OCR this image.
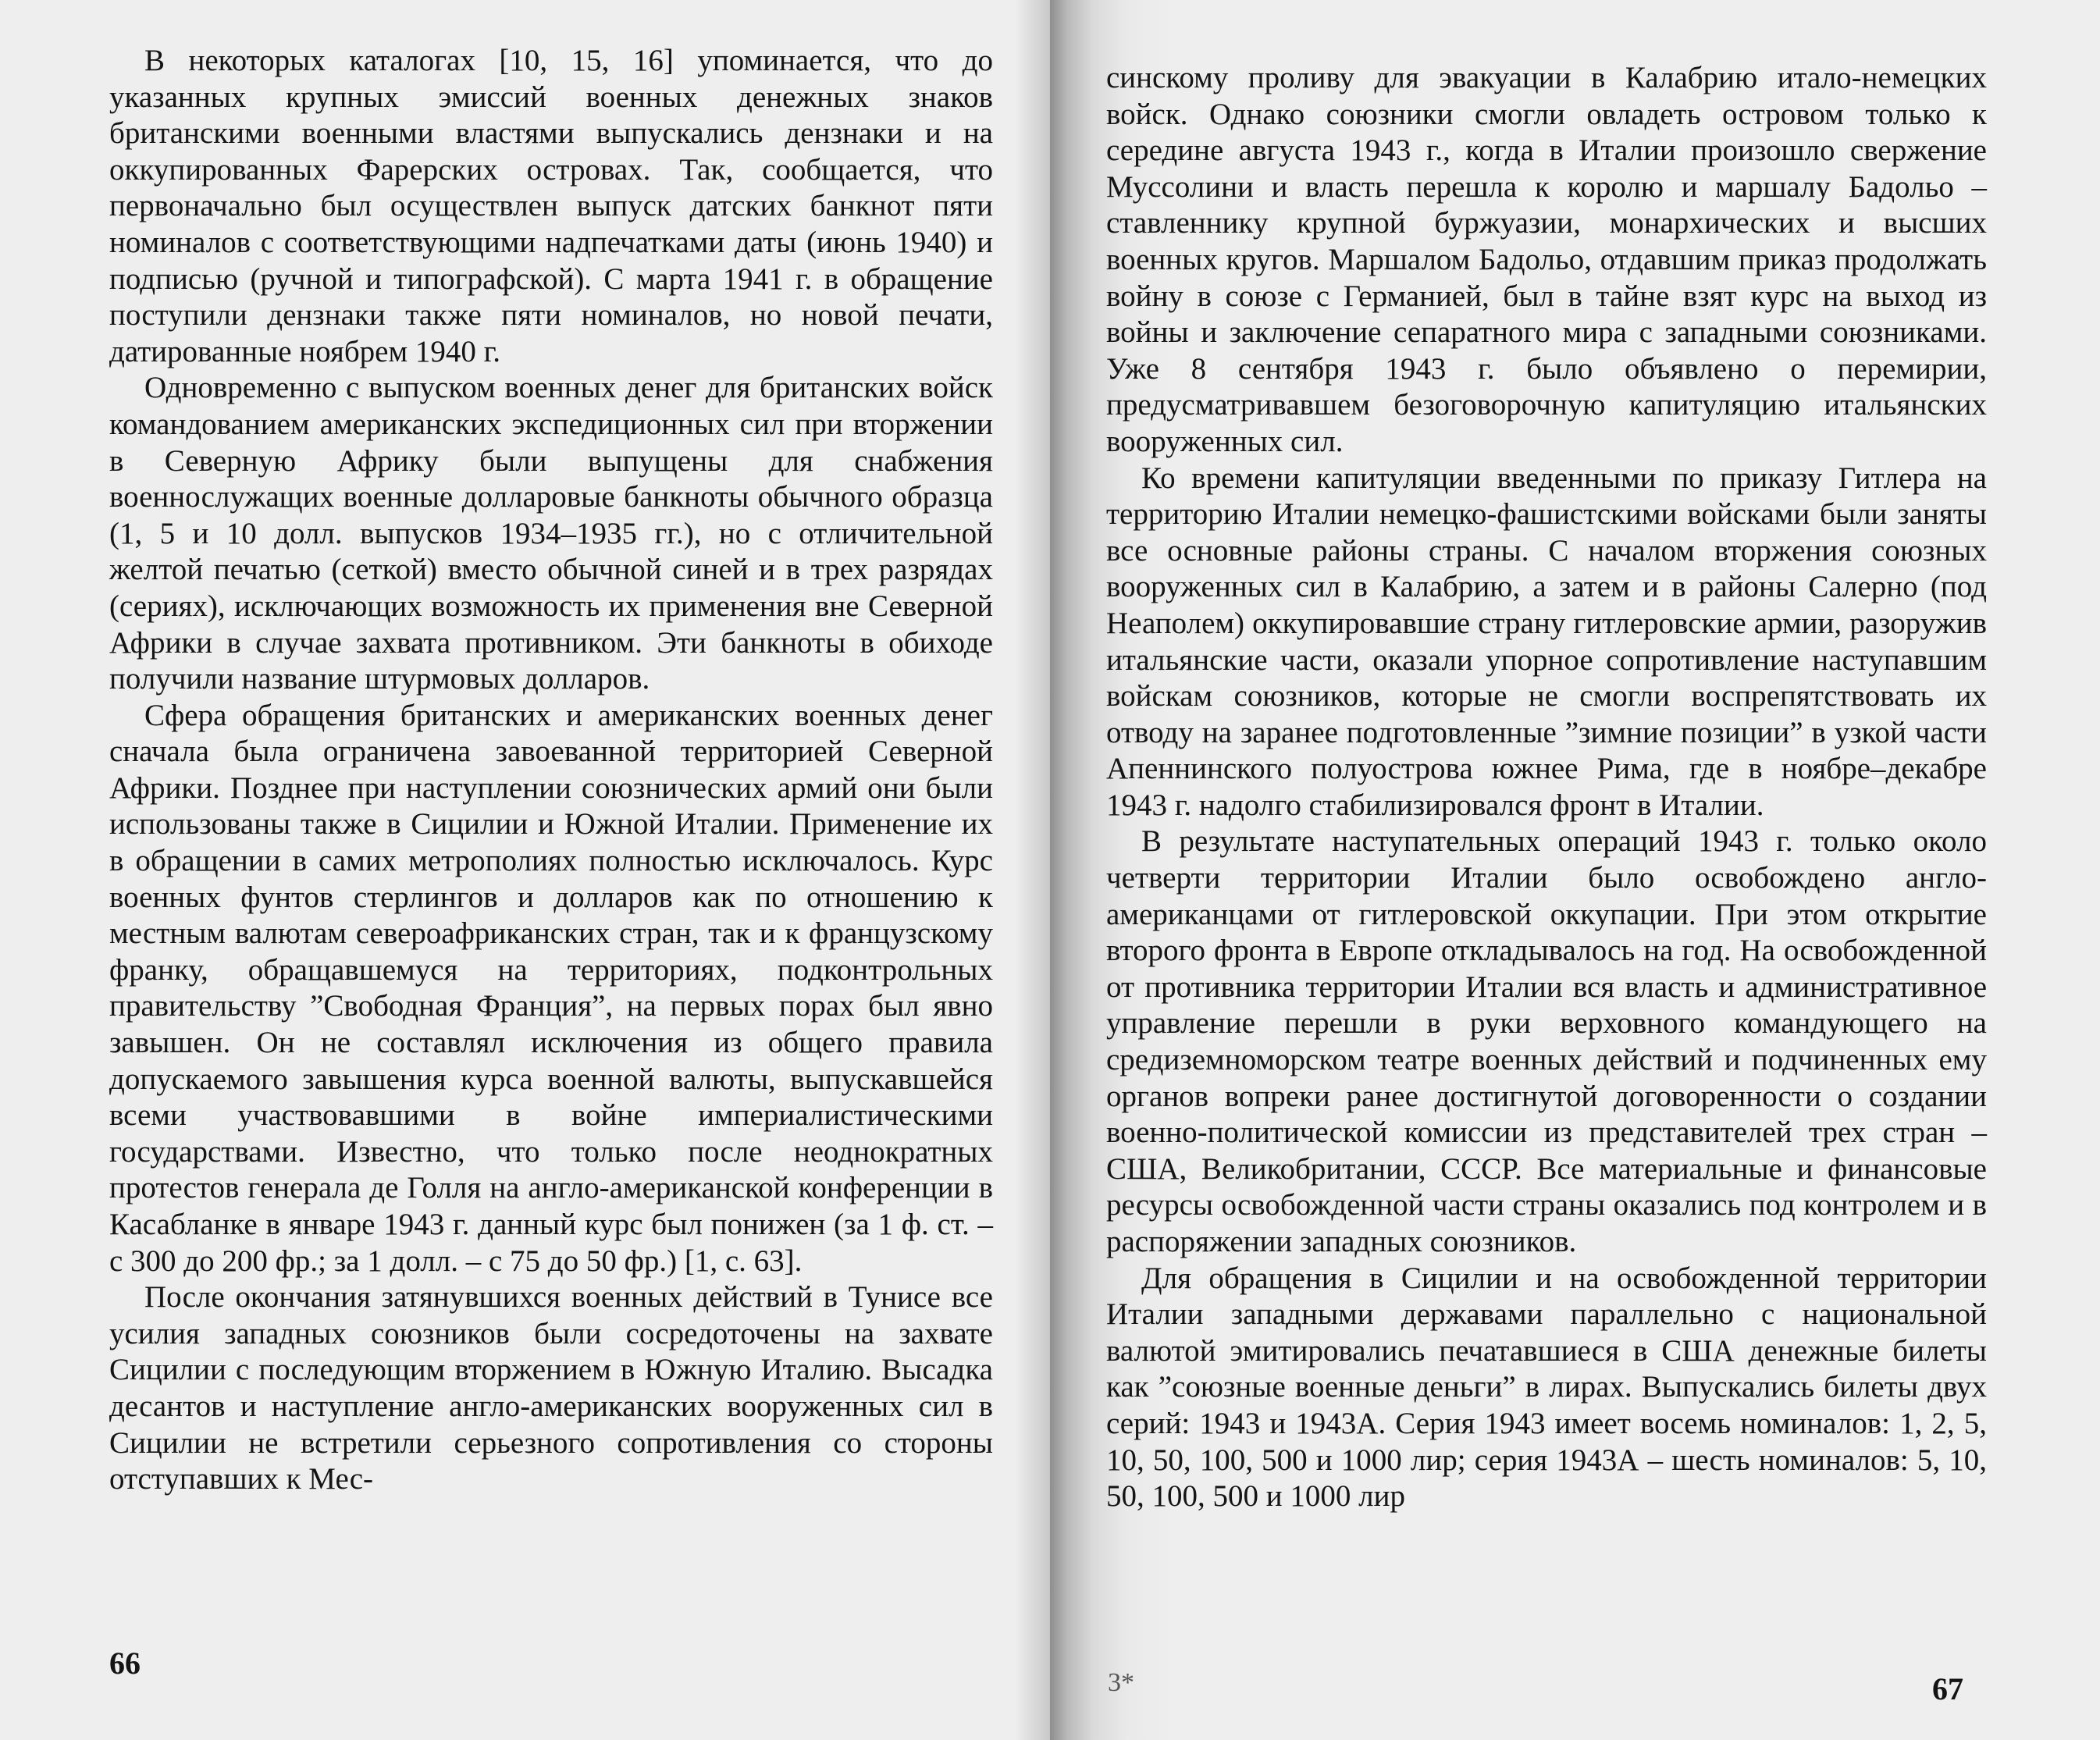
В некоторых каталогах [10, 15, 16] упоминается, что до указанных крупных эмиссий военных денежных знаков британскими военными властями выпускались дензнаки и на оккупированных Фарерских островах. Так, сообщается, что первоначально был осуществлен выпуск датских банкнот пяти номиналов с соответствующими надпечатками даты (июнь 1940) и подписью (ручной и типографской). С марта 1941 г. в обращение поступили дензнаки также пяти номиналов, но новой печати, датированные ноябрем 1940 г.

Одновременно с выпуском военных денег для британских войск командованием американских экспедиционных сил при вторжении в Северную Африку были выпущены для снабжения военнослужащих военные долларовые банкноты обычного образца (1, 5 и 10 долл. выпусков 1934–1935 гг.), но с отличительной желтой печатью (сеткой) вместо обычной синей и в трех разрядах (сериях), исключающих возможность их применения вне Северной Африки в случае захвата противником. Эти банкноты в обиходе получили название штурмовых долларов.

Сфера обращения британских и американских военных денег сначала была ограничена завоеванной территорией Северной Африки. Позднее при наступлении союзнических армий они были использованы также в Сицилии и Южной Италии. Применение их в обращении в самих метрополиях полностью исключалось. Курс военных фунтов стерлингов и долларов как по отношению к местным валютам североафриканских стран, так и к французскому франку, обращавшемуся на территориях, подконтрольных правительству ”Свободная Франция”, на первых порах был явно завышен. Он не составлял исключения из общего правила допускаемого завышения курса военной валюты, выпускавшейся всеми участвовавшими в войне империалистическими государствами. Известно, что только после неоднократных протестов генерала де Голля на англо-американской конференции в Касабланке в январе 1943 г. данный курс был понижен (за 1 ф. ст. – с 300 до 200 фр.; за 1 долл. – с 75 до 50 фр.) [1, с. 63].

После окончания затянувшихся военных действий в Тунисе все усилия западных союзников были сосредоточены на захвате Сицилии с последующим вторжением в Южную Италию. Высадка десантов и наступление англо-американских вооруженных сил в Сицилии не встретили серьезного сопротивления со стороны отступавших к Мес-

66

синскому проливу для эвакуации в Калабрию итало-немецких войск. Однако союзники смогли овладеть островом только к середине августа 1943 г., когда в Италии произошло свержение Муссолини и власть перешла к королю и маршалу Бадольо – ставленнику крупной буржуазии, монархических и высших военных кругов. Маршалом Бадольо, отдавшим приказ продолжать войну в союзе с Германией, был в тайне взят курс на выход из войны и заключение сепаратного мира с западными союзниками. Уже 8 сентября 1943 г. было объявлено о перемирии, предусматривавшем безоговорочную капитуляцию итальянских вооруженных сил.

Ко времени капитуляции введенными по приказу Гитлера на территорию Италии немецко-фашистскими войсками были заняты все основные районы страны. С началом вторжения союзных вооруженных сил в Калабрию, а затем и в районы Салерно (под Неаполем) оккупировавшие страну гитлеровские армии, разоружив итальянские части, оказали упорное сопротивление наступавшим войскам союзников, которые не смогли воспрепятствовать их отводу на заранее подготовленные ”зимние позиции” в узкой части Апеннинского полуострова южнее Рима, где в ноябре–декабре 1943 г. надолго стабилизировался фронт в Италии.

В результате наступательных операций 1943 г. только около четверти территории Италии было освобождено англо-американцами от гитлеровской оккупации. При этом открытие второго фронта в Европе откладывалось на год. На освобожденной от противника территории Италии вся власть и административное управление перешли в руки верховного командующего на средиземноморском театре военных действий и подчиненных ему органов вопреки ранее достигнутой договоренности о создании военно-политической комиссии из представителей трех стран – США, Великобритании, СССР. Все материальные и финансовые ресурсы освобожденной части страны оказались под контролем и в распоряжении западных союзников.

Для обращения в Сицилии и на освобожденной территории Италии западными державами параллельно с национальной валютой эмитировались печатавшиеся в США денежные билеты как ”союзные военные деньги” в лирах. Выпускались билеты двух серий: 1943 и 1943А. Серия 1943 имеет восемь номиналов: 1, 2, 5, 10, 50, 100, 500 и 1000 лир; серия 1943А – шесть номиналов: 5, 10, 50, 100, 500 и 1000 лир

3*	67
